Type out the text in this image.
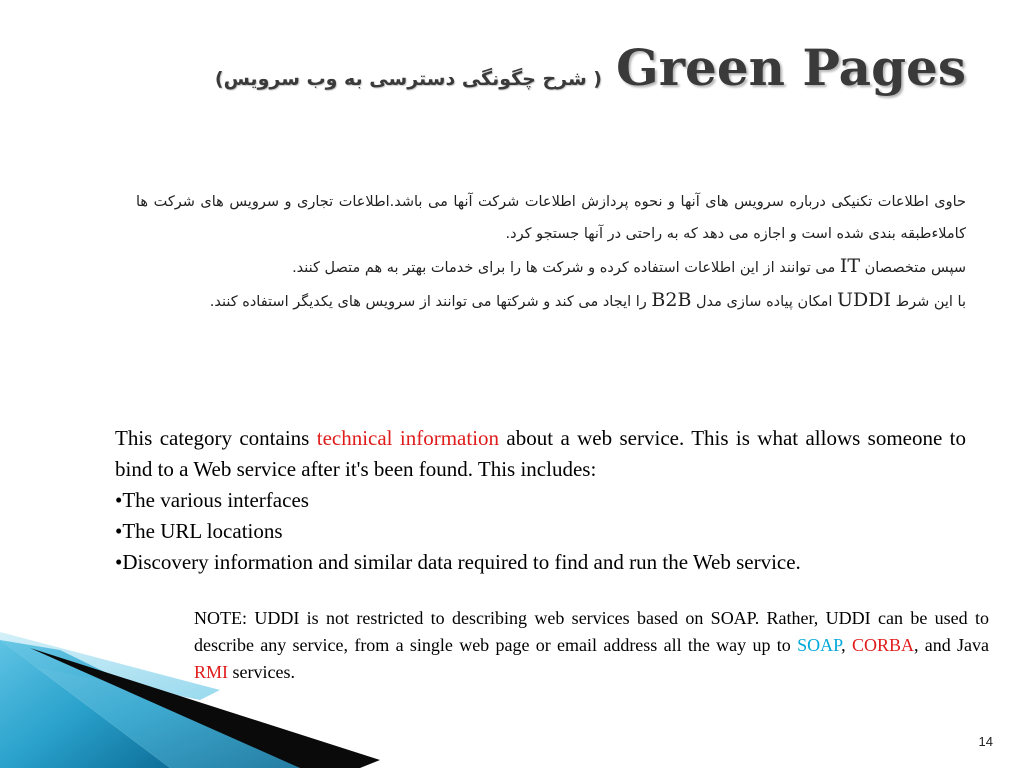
( شرح چگونگی دسترسی به وب سرویس) Green Pages

حاوی اطلاعات تکنیکی درباره سرویس های آنها و نحوه پردازش اطلاعات شرکت آنها می باشد.اطلاعات تجاری و سرویس های شرکت ها کاملاءطبقه بندی شده است و اجازه می دهد که به راحتی در آنها جستجو کرد.

سپس متخصصان IT می توانند از این اطلاعات استفاده کرده و شرکت ها را برای خدمات بهتر به هم متصل کنند.

با این شرط UDDI امکان پیاده سازی مدل B2B را ایجاد می کند و شرکتها می توانند از سرویس های یکدیگر استفاده کنند.

This category contains technical information about a web service. This is what allows someone to bind to a Web service after it's been found. This includes:

•The various interfaces

•The URL locations

•Discovery information and similar data required to find and run the Web service.

NOTE: UDDI is not restricted to describing web services based on SOAP. Rather, UDDI can be used to describe any service, from a single web page or email address all the way up to SOAP, CORBA, and Java RMI services.
14
